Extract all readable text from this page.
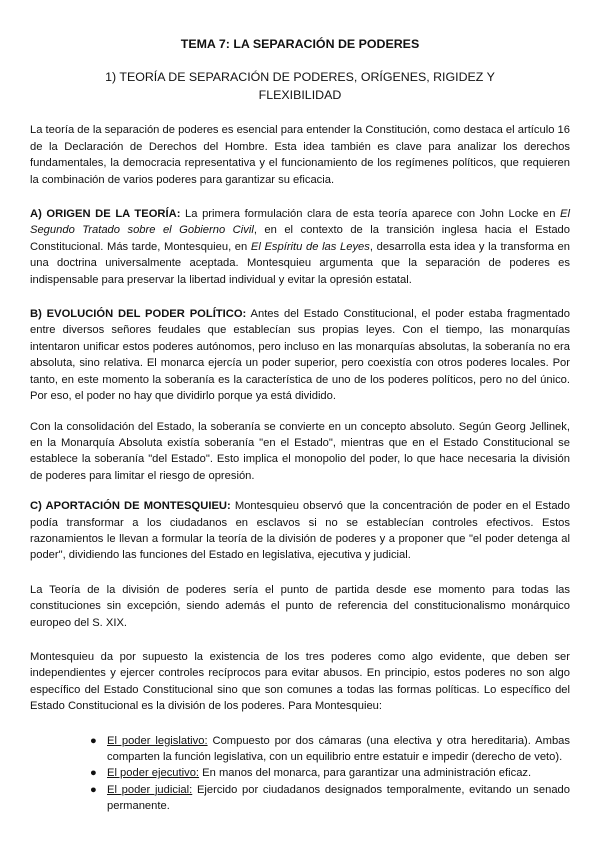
TEMA 7: LA SEPARACIÓN DE PODERES
1) TEORÍA DE SEPARACIÓN DE PODERES, ORÍGENES, RIGIDEZ Y FLEXIBILIDAD

La teoría de la separación de poderes es esencial para entender la Constitución, como destaca el artículo 16 de la Declaración de Derechos del Hombre. Esta idea también es clave para analizar los derechos fundamentales, la democracia representativa y el funcionamiento de los regímenes políticos, que requieren la combinación de varios poderes para garantizar su eficacia.

A) ORIGEN DE LA TEORÍA: La primera formulación clara de esta teoría aparece con John Locke en El Segundo Tratado sobre el Gobierno Civil, en el contexto de la transición inglesa hacia el Estado Constitucional. Más tarde, Montesquieu, en El Espíritu de las Leyes, desarrolla esta idea y la transforma en una doctrina universalmente aceptada. Montesquieu argumenta que la separación de poderes es indispensable para preservar la libertad individual y evitar la opresión estatal.

B) EVOLUCIÓN DEL PODER POLÍTICO: Antes del Estado Constitucional, el poder estaba fragmentado entre diversos señores feudales que establecían sus propias leyes. Con el tiempo, las monarquías intentaron unificar estos poderes autónomos, pero incluso en las monarquías absolutas, la soberanía no era absoluta, sino relativa. El monarca ejercía un poder superior, pero coexistía con otros poderes locales. Por tanto, en este momento la soberanía es la característica de uno de los poderes políticos, pero no del único. Por eso, el poder no hay que dividirlo porque ya está dividido.

Con la consolidación del Estado, la soberanía se convierte en un concepto absoluto. Según Georg Jellinek, en la Monarquía Absoluta existía soberanía "en el Estado", mientras que en el Estado Constitucional se establece la soberanía "del Estado". Esto implica el monopolio del poder, lo que hace necesaria la división de poderes para limitar el riesgo de opresión.

C) APORTACIÓN DE MONTESQUIEU: Montesquieu observó que la concentración de poder en el Estado podía transformar a los ciudadanos en esclavos si no se establecían controles efectivos. Estos razonamientos le llevan a formular la teoría de la división de poderes y a proponer que "el poder detenga al poder", dividiendo las funciones del Estado en legislativa, ejecutiva y judicial.

La Teoría de la división de poderes sería el punto de partida desde ese momento para todas las constituciones sin excepción, siendo además el punto de referencia del constitucionalismo monárquico europeo del S. XIX.

Montesquieu da por supuesto la existencia de los tres poderes como algo evidente, que deben ser independientes y ejercer controles recíprocos para evitar abusos. En principio, estos poderes no son algo específico del Estado Constitucional sino que son comunes a todas las formas políticas. Lo específico del Estado Constitucional es la división de los poderes. Para Montesquieu:

● El poder legislativo: Compuesto por dos cámaras (una electiva y otra hereditaria). Ambas comparten la función legislativa, con un equilibrio entre estatuir e impedir (derecho de veto).
● El poder ejecutivo: En manos del monarca, para garantizar una administración eficaz.
● El poder judicial: Ejercido por ciudadanos designados temporalmente, evitando un senado permanente.
